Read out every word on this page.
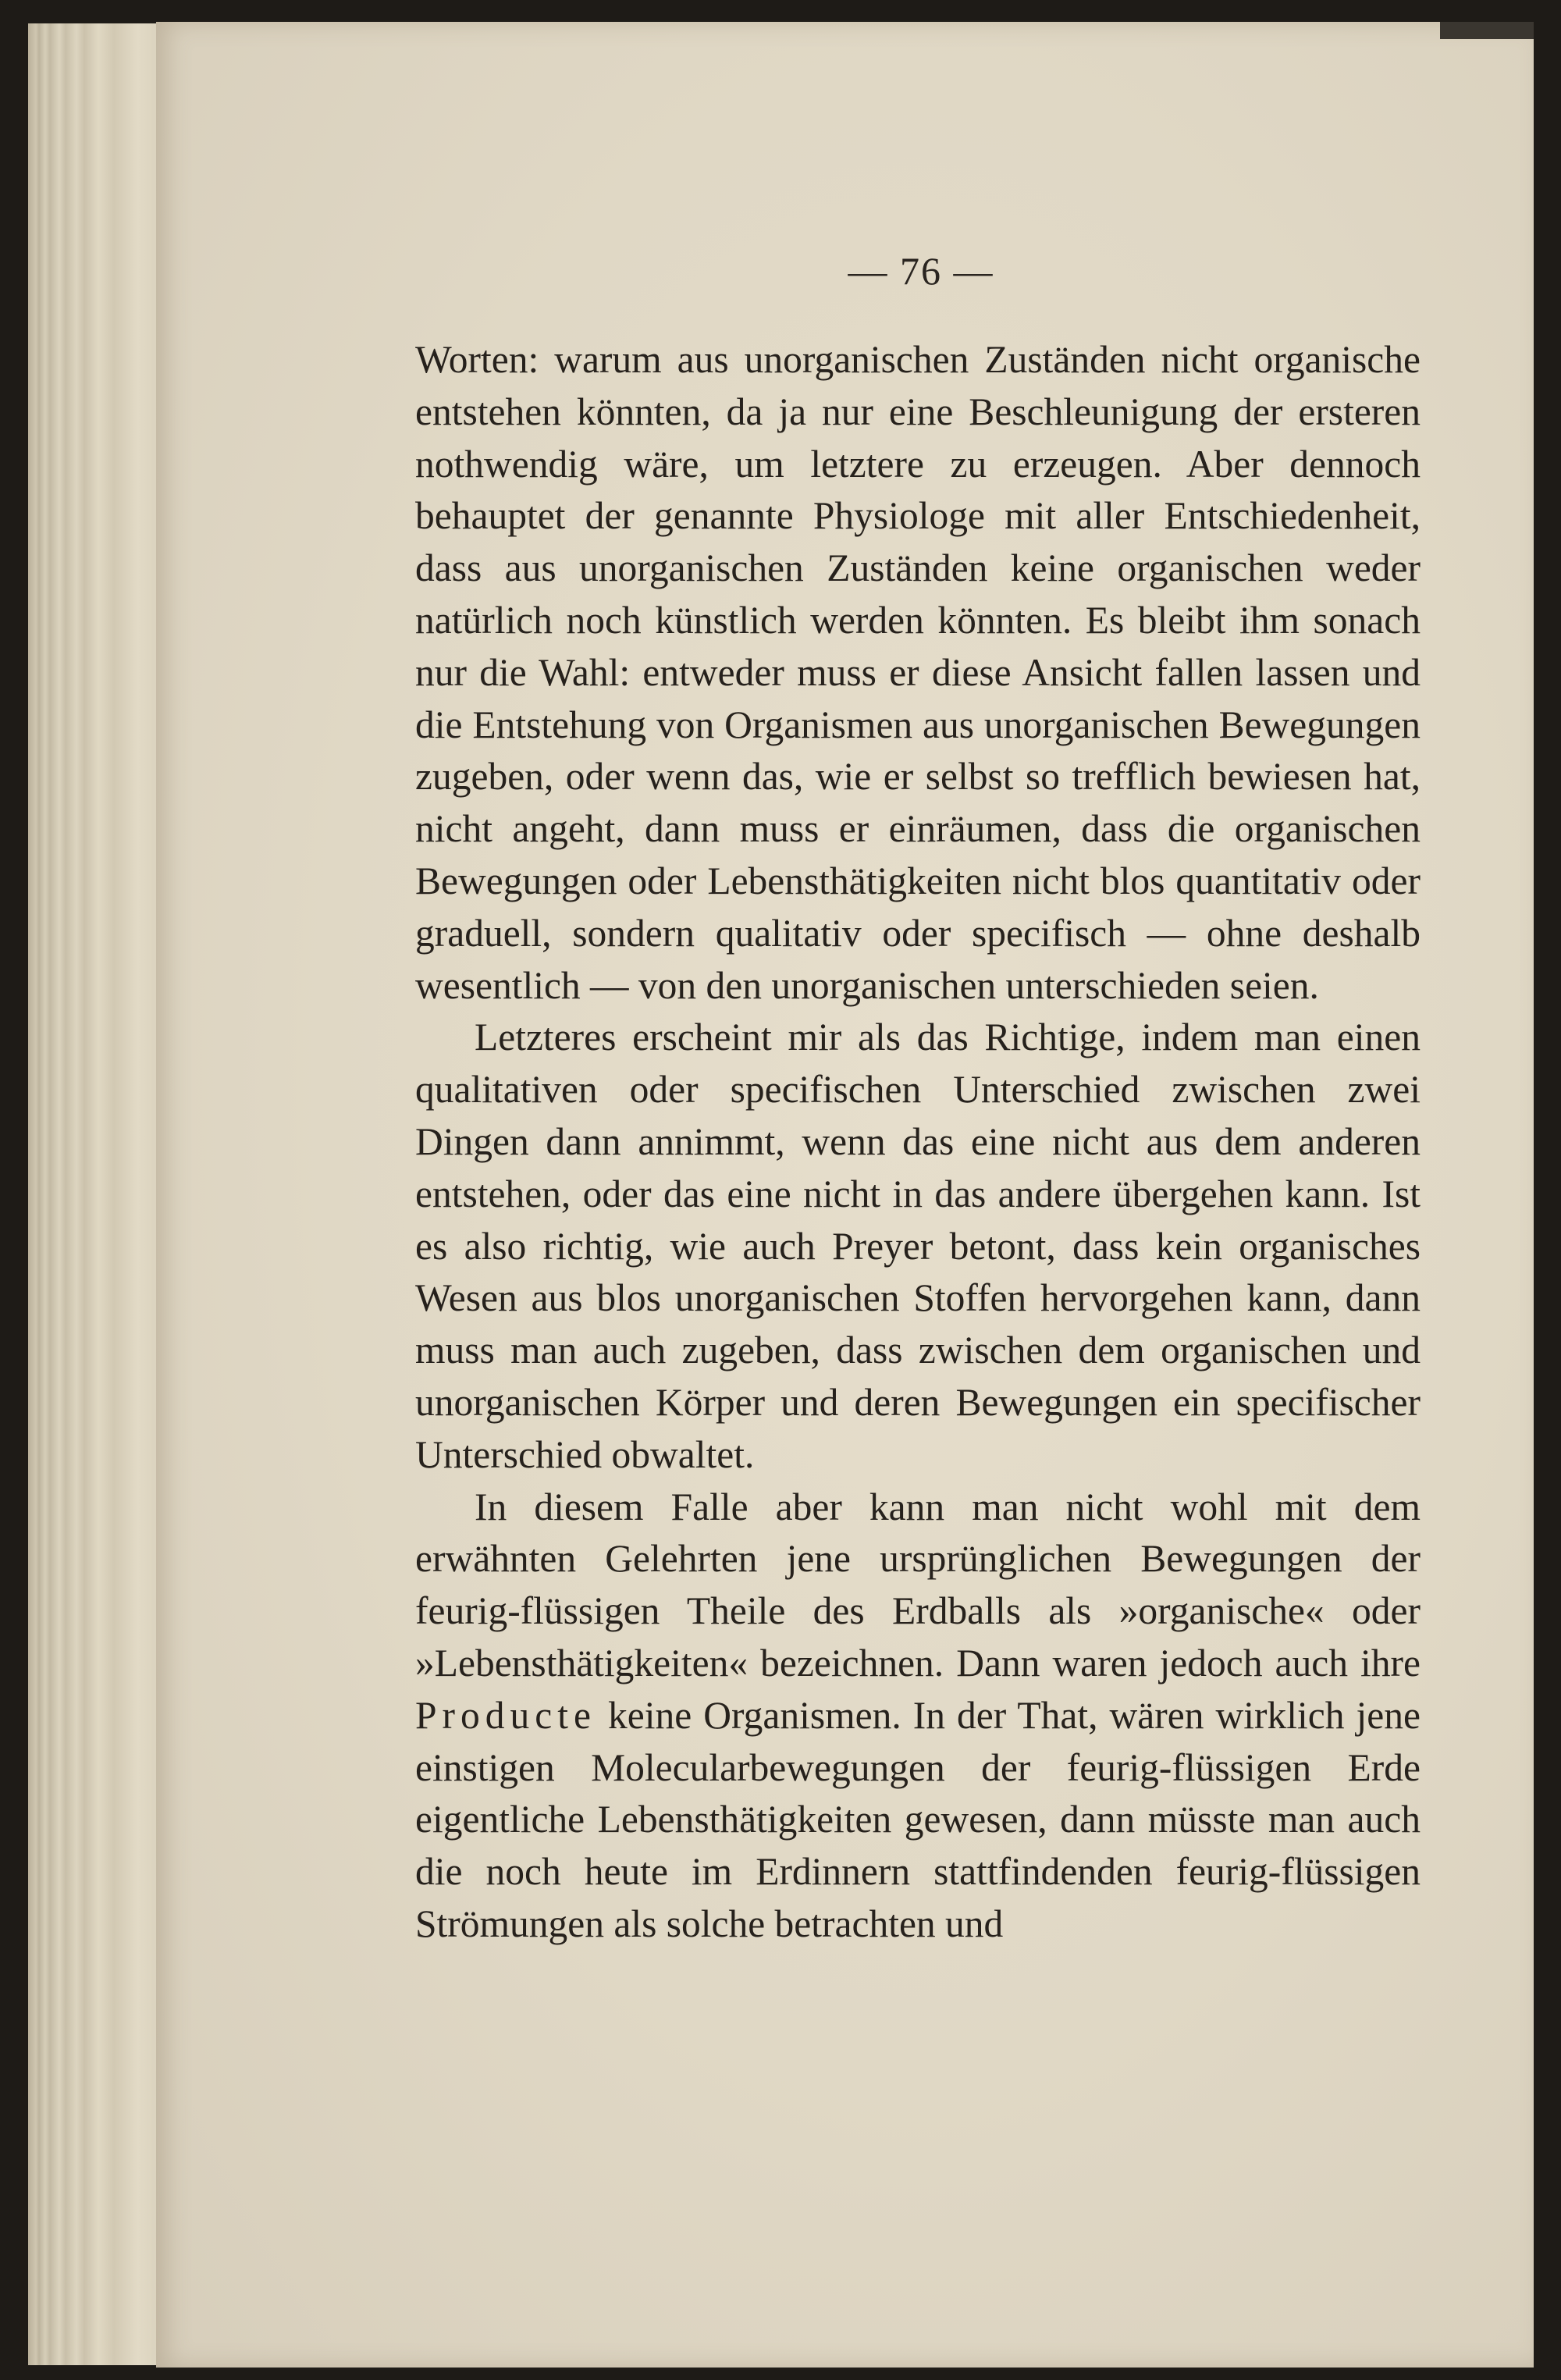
— 76 —

Worten: warum aus unorganischen Zuständen nicht organische entstehen könnten, da ja nur eine Beschleunigung der ersteren nothwendig wäre, um letztere zu erzeugen. Aber dennoch behauptet der genannte Physiologe mit aller Entschiedenheit, dass aus unorganischen Zuständen keine organischen weder natürlich noch künstlich werden könnten. Es bleibt ihm sonach nur die Wahl: entweder muss er diese Ansicht fallen lassen und die Entstehung von Organismen aus unorganischen Bewegungen zugeben, oder wenn das, wie er selbst so trefflich bewiesen hat, nicht angeht, dann muss er einräumen, dass die organischen Bewegungen oder Lebensthätigkeiten nicht blos quantitativ oder graduell, sondern qualitativ oder specifisch — ohne deshalb wesentlich — von den unorganischen unterschieden seien.

Letzteres erscheint mir als das Richtige, indem man einen qualitativen oder specifischen Unterschied zwischen zwei Dingen dann annimmt, wenn das eine nicht aus dem anderen entstehen, oder das eine nicht in das andere übergehen kann. Ist es also richtig, wie auch Preyer betont, dass kein organisches Wesen aus blos unorganischen Stoffen hervorgehen kann, dann muss man auch zugeben, dass zwischen dem organischen und unorganischen Körper und deren Bewegungen ein specifischer Unterschied obwaltet.

In diesem Falle aber kann man nicht wohl mit dem erwähnten Gelehrten jene ursprünglichen Bewegungen der feurig-flüssigen Theile des Erdballs als »organische« oder »Lebensthätigkeiten« bezeichnen. Dann waren jedoch auch ihre Producte keine Organismen. In der That, wären wirklich jene einstigen Molecularbewegungen der feurig-flüssigen Erde eigentliche Lebensthätigkeiten gewesen, dann müsste man auch die noch heute im Erdinnern stattfindenden feurig-flüssigen Strömungen als solche betrachten und
